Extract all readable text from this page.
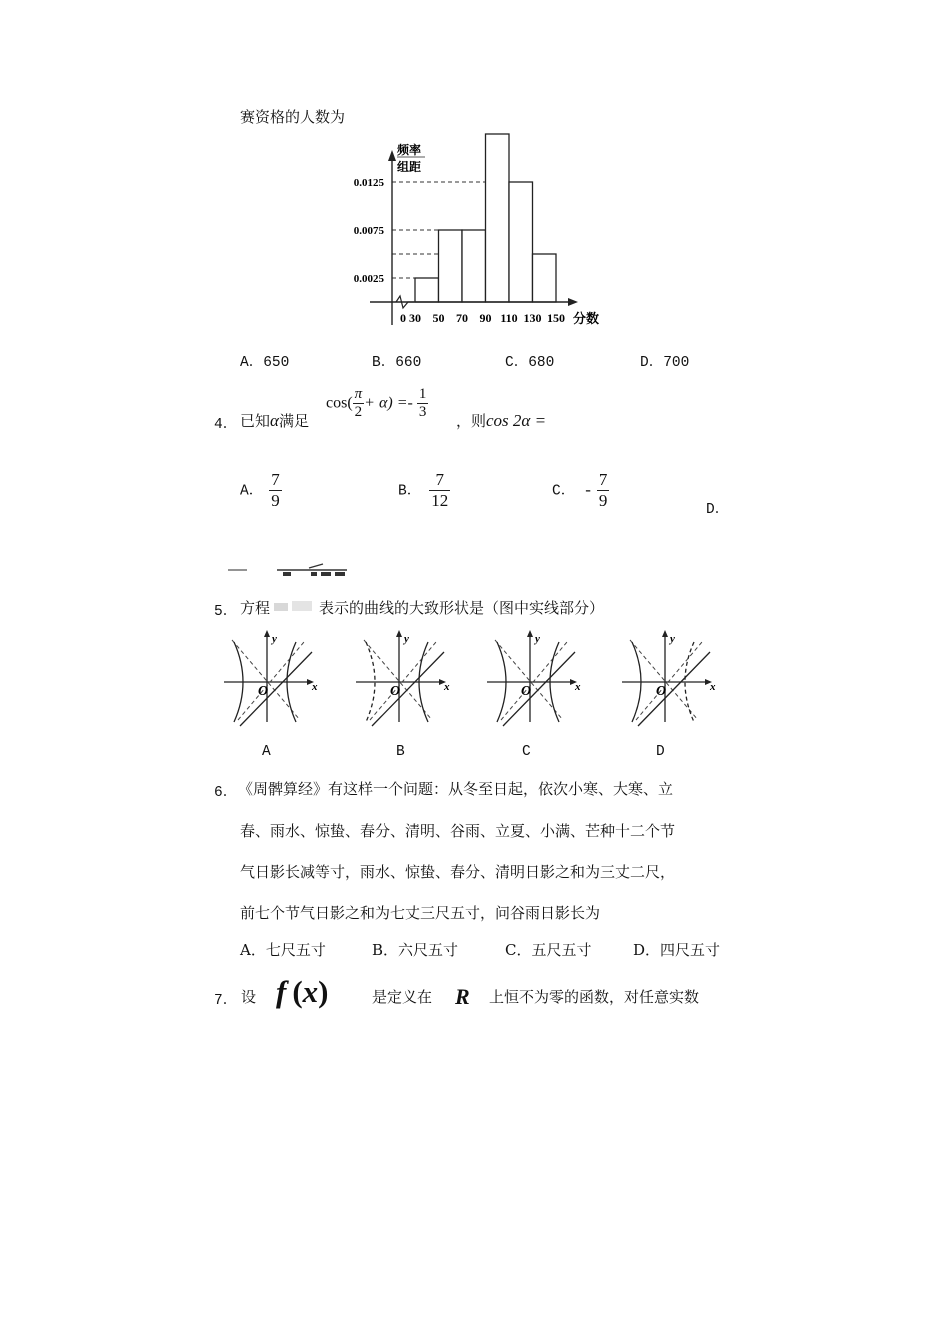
赛资格的人数为
0.0025
0.0075
0.0125
频率
组距
0 30 50 70 90 110 130 150 分数
A．650	B．660	C．680	D．700
4． 已知α满足
$\cos( \frac{\pi}{2} + \alpha) =- \frac{1}{3}$ ，则cos 2α =
A． $\frac{7}{9}$	B． $\frac{7}{12}$	C． - $\frac{7}{9}$	D．
5． 方程	表示的曲线的大致形状是（图中实线部分）
x
y
O	x
y
O	x
y
O	x
y
O
A	B	C	D
6． 《周髀算经》有这样一个问题：从冬至日起，依次小寒、大寒、立
春、雨水、惊蛰、春分、清明、谷雨、立夏、小满、芒种十二个节
气日影长减等寸，雨水、惊蛰、春分、清明日影之和为三丈二尺，
前七个节气日影之和为七丈三尺五寸，问谷雨日影长为
A．七尺五寸	B．六尺五寸	C．五尺五寸	D．四尺五寸
7． 设 f (x)	是定义在 R 上恒不为零的函数，对任意实数
